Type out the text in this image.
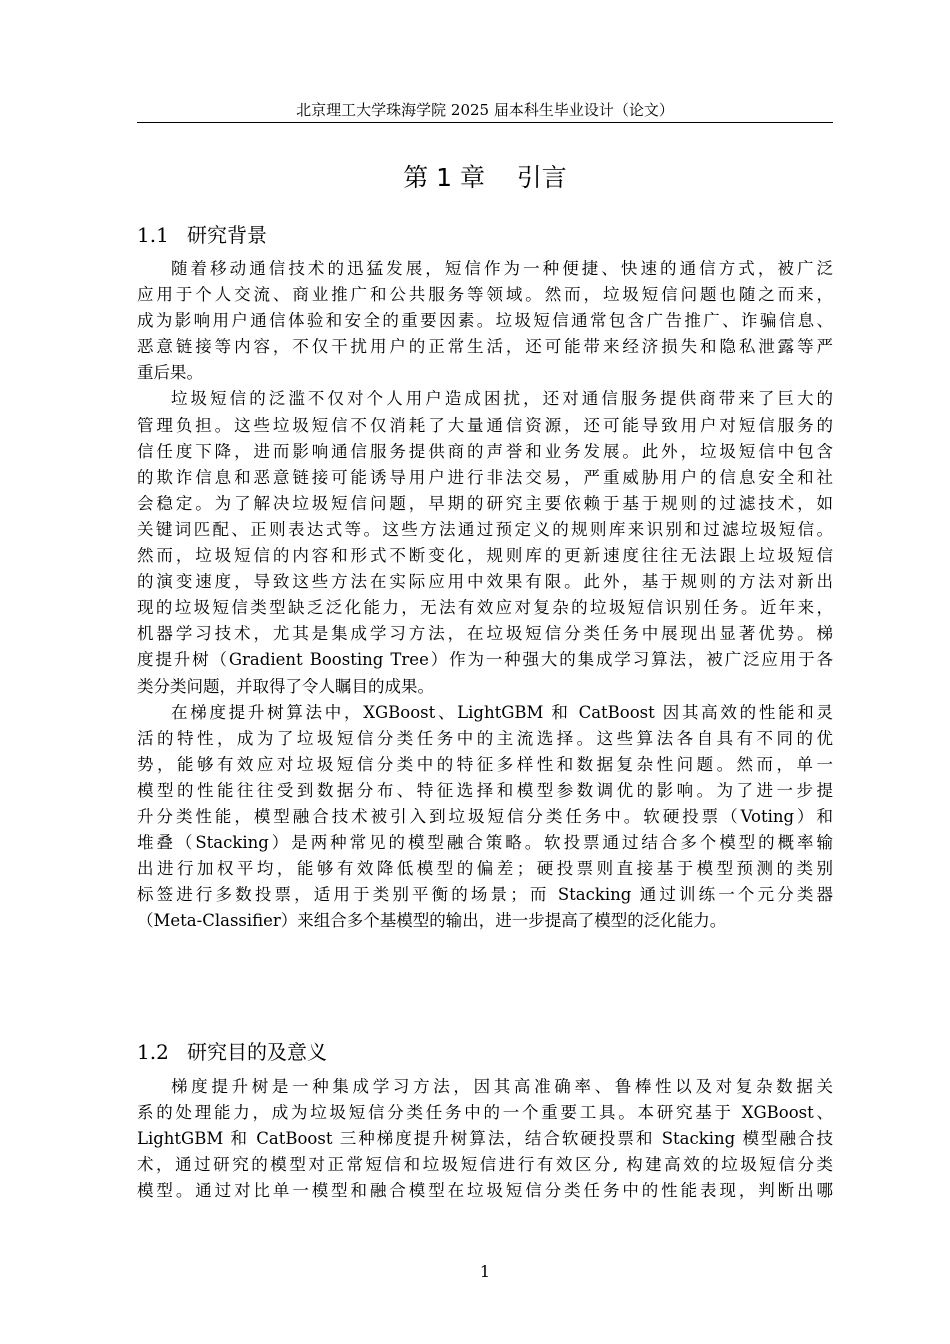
北京理工大学珠海学院 2025 届本科生毕业设计（论文）
第 1 章    引言
1.1 研究背景
随着移动通信技术的迅猛发展，短信作为一种便捷、快速的通信方式，被广泛
应用于个人交流、商业推广和公共服务等领域。然而，垃圾短信问题也随之而来，
成为影响用户通信体验和安全的重要因素。垃圾短信通常包含广告推广、诈骗信息、
恶意链接等内容，不仅干扰用户的正常生活，还可能带来经济损失和隐私泄露等严
重后果。
垃圾短信的泛滥不仅对个人用户造成困扰，还对通信服务提供商带来了巨大的
管理负担。这些垃圾短信不仅消耗了大量通信资源，还可能导致用户对短信服务的
信任度下降，进而影响通信服务提供商的声誉和业务发展。此外，垃圾短信中包含
的欺诈信息和恶意链接可能诱导用户进行非法交易，严重威胁用户的信息安全和社
会稳定。为了解决垃圾短信问题，早期的研究主要依赖于基于规则的过滤技术，如
关键词匹配、正则表达式等。这些方法通过预定义的规则库来识别和过滤垃圾短信。
然而，垃圾短信的内容和形式不断变化，规则库的更新速度往往无法跟上垃圾短信
的演变速度，导致这些方法在实际应用中效果有限。此外，基于规则的方法对新出
现的垃圾短信类型缺乏泛化能力，无法有效应对复杂的垃圾短信识别任务。近年来，
机器学习技术，尤其是集成学习方法，在垃圾短信分类任务中展现出显著优势。梯
度提升树（Gradient Boosting Tree）作为一种强大的集成学习算法，被广泛应用于各
类分类问题，并取得了令人瞩目的成果。
在梯度提升树算法中，XGBoost、LightGBM 和 CatBoost 因其高效的性能和灵
活的特性，成为了垃圾短信分类任务中的主流选择。这些算法各自具有不同的优
势，能够有效应对垃圾短信分类中的特征多样性和数据复杂性问题。然而，单一
模型的性能往往受到数据分布、特征选择和模型参数调优的影响。为了进一步提
升分类性能，模型融合技术被引入到垃圾短信分类任务中。软硬投票（Voting）和
堆叠（Stacking）是两种常见的模型融合策略。软投票通过结合多个模型的概率输
出进行加权平均，能够有效降低模型的偏差；硬投票则直接基于模型预测的类别
标签进行多数投票，适用于类别平衡的场景；而 Stacking 通过训练一个元分类器
（Meta-Classifier）来组合多个基模型的输出，进一步提高了模型的泛化能力。
1.2 研究目的及意义
梯度提升树是一种集成学习方法，因其高准确率、鲁棒性以及对复杂数据关
系的处理能力，成为垃圾短信分类任务中的一个重要工具。本研究基于 XGBoost、
LightGBM 和 CatBoost 三种梯度提升树算法，结合软硬投票和 Stacking 模型融合技
术，通过研究的模型对正常短信和垃圾短信进行有效区分, 构建高效的垃圾短信分类
模型。通过对比单一模型和融合模型在垃圾短信分类任务中的性能表现，判断出哪
1
